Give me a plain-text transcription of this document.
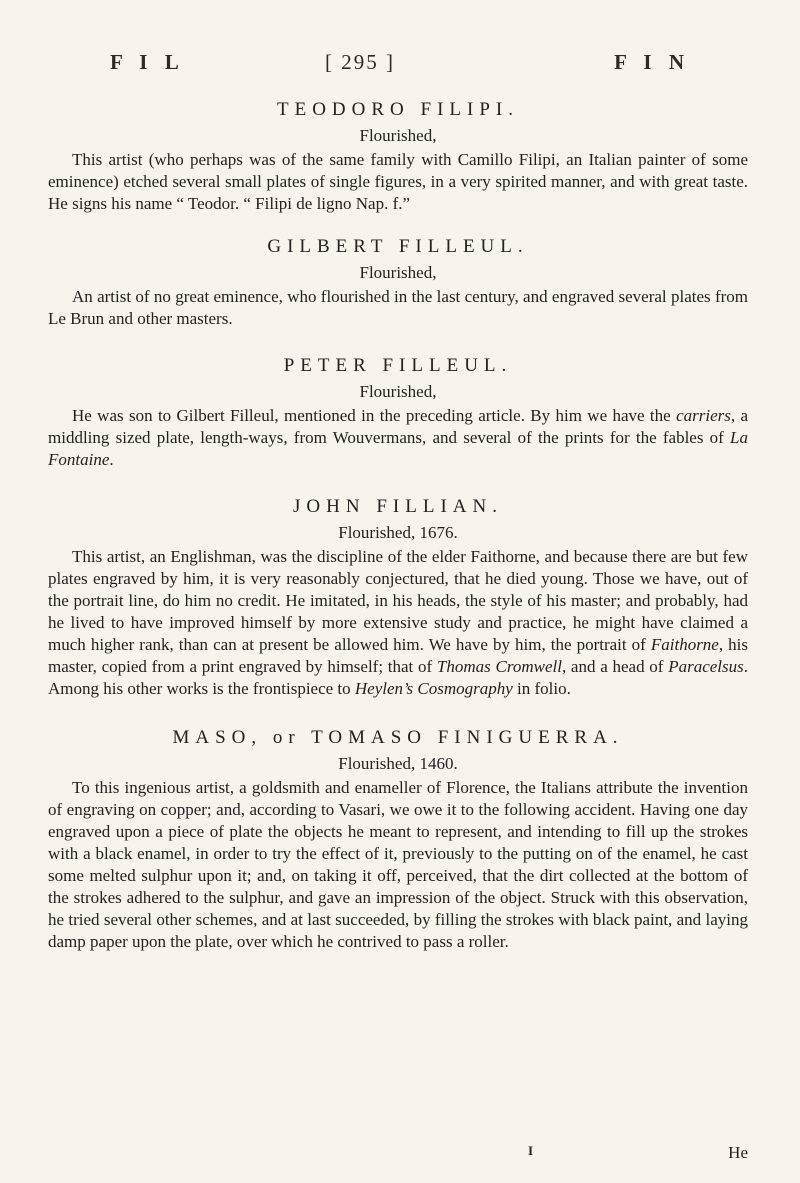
F I L	[ 295 ]	F I N

TEODORO FILIPI.

Flourished,

This artist (who perhaps was of the same family with Camillo Filipi, an Italian painter of some eminence) etched several small plates of single figures, in a very spirited manner, and with great taste. He signs his name “ Teodor. “ Filipi de ligno Nap. f.”

GILBERT FILLEUL.

Flourished,

An artist of no great eminence, who flourished in the last century, and engraved several plates from Le Brun and other masters.

PETER FILLEUL.

Flourished,

He was son to Gilbert Filleul, mentioned in the preceding article. By him we have the carriers, a middling sized plate, length-ways, from Wouvermans, and several of the prints for the fables of La Fontaine.

JOHN FILLIAN.

Flourished, 1676.

This artist, an Englishman, was the discipline of the elder Faithorne, and because there are but few plates engraved by him, it is very reasonably conjectured, that he died young. Those we have, out of the portrait line, do him no credit. He imitated, in his heads, the style of his master; and probably, had he lived to have improved himself by more extensive study and practice, he might have claimed a much higher rank, than can at present be allowed him. We have by him, the portrait of Faithorne, his master, copied from a print engraved by himself; that of Thomas Cromwell, and a head of Paracelsus. Among his other works is the frontispiece to Heylen’s Cosmography in folio.

MASO, or TOMASO FINIGUERRA.

Flourished, 1460.

To this ingenious artist, a goldsmith and enameller of Florence, the Italians attribute the invention of engraving on copper; and, according to Vasari, we owe it to the following accident. Having one day engraved upon a piece of plate the objects he meant to represent, and intending to fill up the strokes with a black enamel, in order to try the effect of it, previously to the putting on of the enamel, he cast some melted sulphur upon it; and, on taking it off, perceived, that the dirt collected at the bottom of the strokes adhered to the sulphur, and gave an impression of the object. Struck with this observation, he tried several other schemes, and at last succeeded, by filling the strokes with black paint, and laying damp paper upon the plate, over which he contrived to pass a roller.

I	He
